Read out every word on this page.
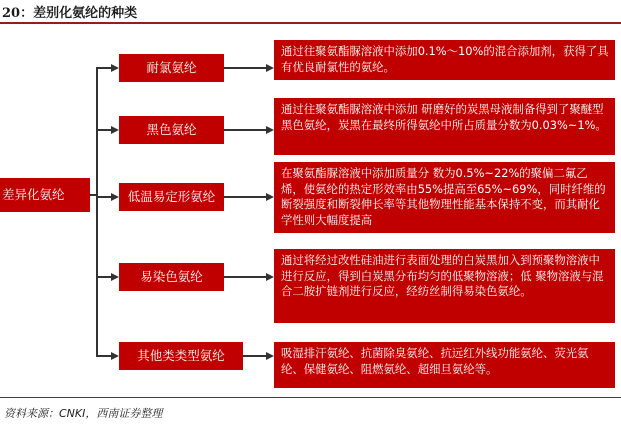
20：差别化氨纶的种类
差异化氨纶
耐氯氨纶
黑色氨纶
低温易定形氨纶
易染色氨纶
其他类类型氨纶
通过往聚氨酯脲溶液中添加0.1%～10%的混合添加剂，获得了具有优良耐氯性的氨纶。
通过往聚氨酯脲溶液中添加 研磨好的炭黑母液制备得到了聚醚型黑色氨纶，炭黑在最终所得氨纶中所占质量分数为0.03%~1%。
在聚氨酯脲溶液中添加质量分 数为0.5%~22%的聚偏二氟乙烯，使氨纶的热定形效率由55%提高至65%~69%，同时纤维的断裂强度和断裂伸长率等其他物理性能基本保持不变，而其耐化学性则大幅度提高
通过将经过改性硅油进行表面处理的白炭黑加入到预聚物溶液中 进行反应，得到白炭黑分布均匀的低聚物溶液；低 聚物溶液与混合二胺扩链剂进行反应，经纺丝制得易染色氨纶。
吸湿排汗氨纶、抗菌除臭氨纶、抗远红外线功能氨纶、荧光氨纶、保健氨纶、阻燃氨纶、超细旦氨纶等。
资料来源：CNKI，西南证券整理
